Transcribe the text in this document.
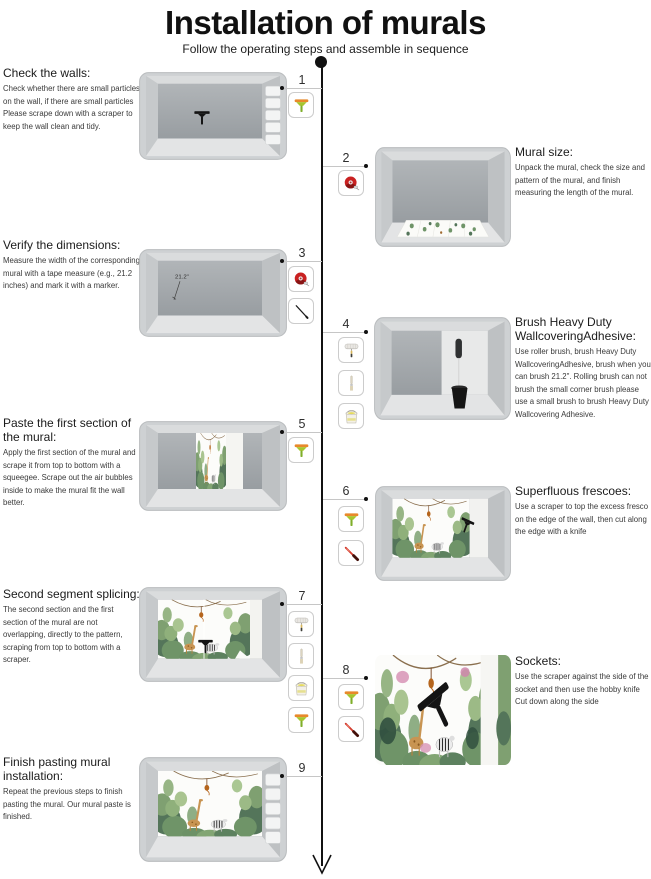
Installation of murals
Follow the operating steps and assemble in sequence
Check the walls:

Check whether there are small particles on the wall, if there are small particles Please scrape down with a scraper to keep the wall clean and tidy.

1
2	Mural size:

Unpack the mural, check the size and pattern of the mural, and finish measuring the length of the mural.

Verify the dimensions:

Measure the width of the corresponding mural with a tape measure (e.g., 21.2 inches) and mark it with a marker.

21.2"
3
4	Brush Heavy Duty WallcoveringAdhesive:

Use roller brush, brush Heavy Duty WallcoveringAdhesive, brush when you can brush 21.2". Rolling brush can not brush the small corner brush please use a small brush to brush Heavy Duty Wallcovering Adhesive.

Paste the first section of the mural:

Apply the first section of the mural and scrape it from top to bottom with a squeegee. Scrape out the air bubbles inside to make the mural fit the wall better.

5
6	Superfluous frescoes:

Use a scraper to top the excess fresco on the edge of the wall, then cut along the edge with a knife

Second segment splicing:

The second section and the first section of the mural are not overlapping, directly to the pattern, scraping from top to bottom with a scraper.

7
8
Sockets:

Use the scraper against the side of the socket and then use the hobby knife Cut down along the side

Finish pasting mural installation:

Repeat the previous steps to finish pasting the mural. Our mural paste is finished.

9
